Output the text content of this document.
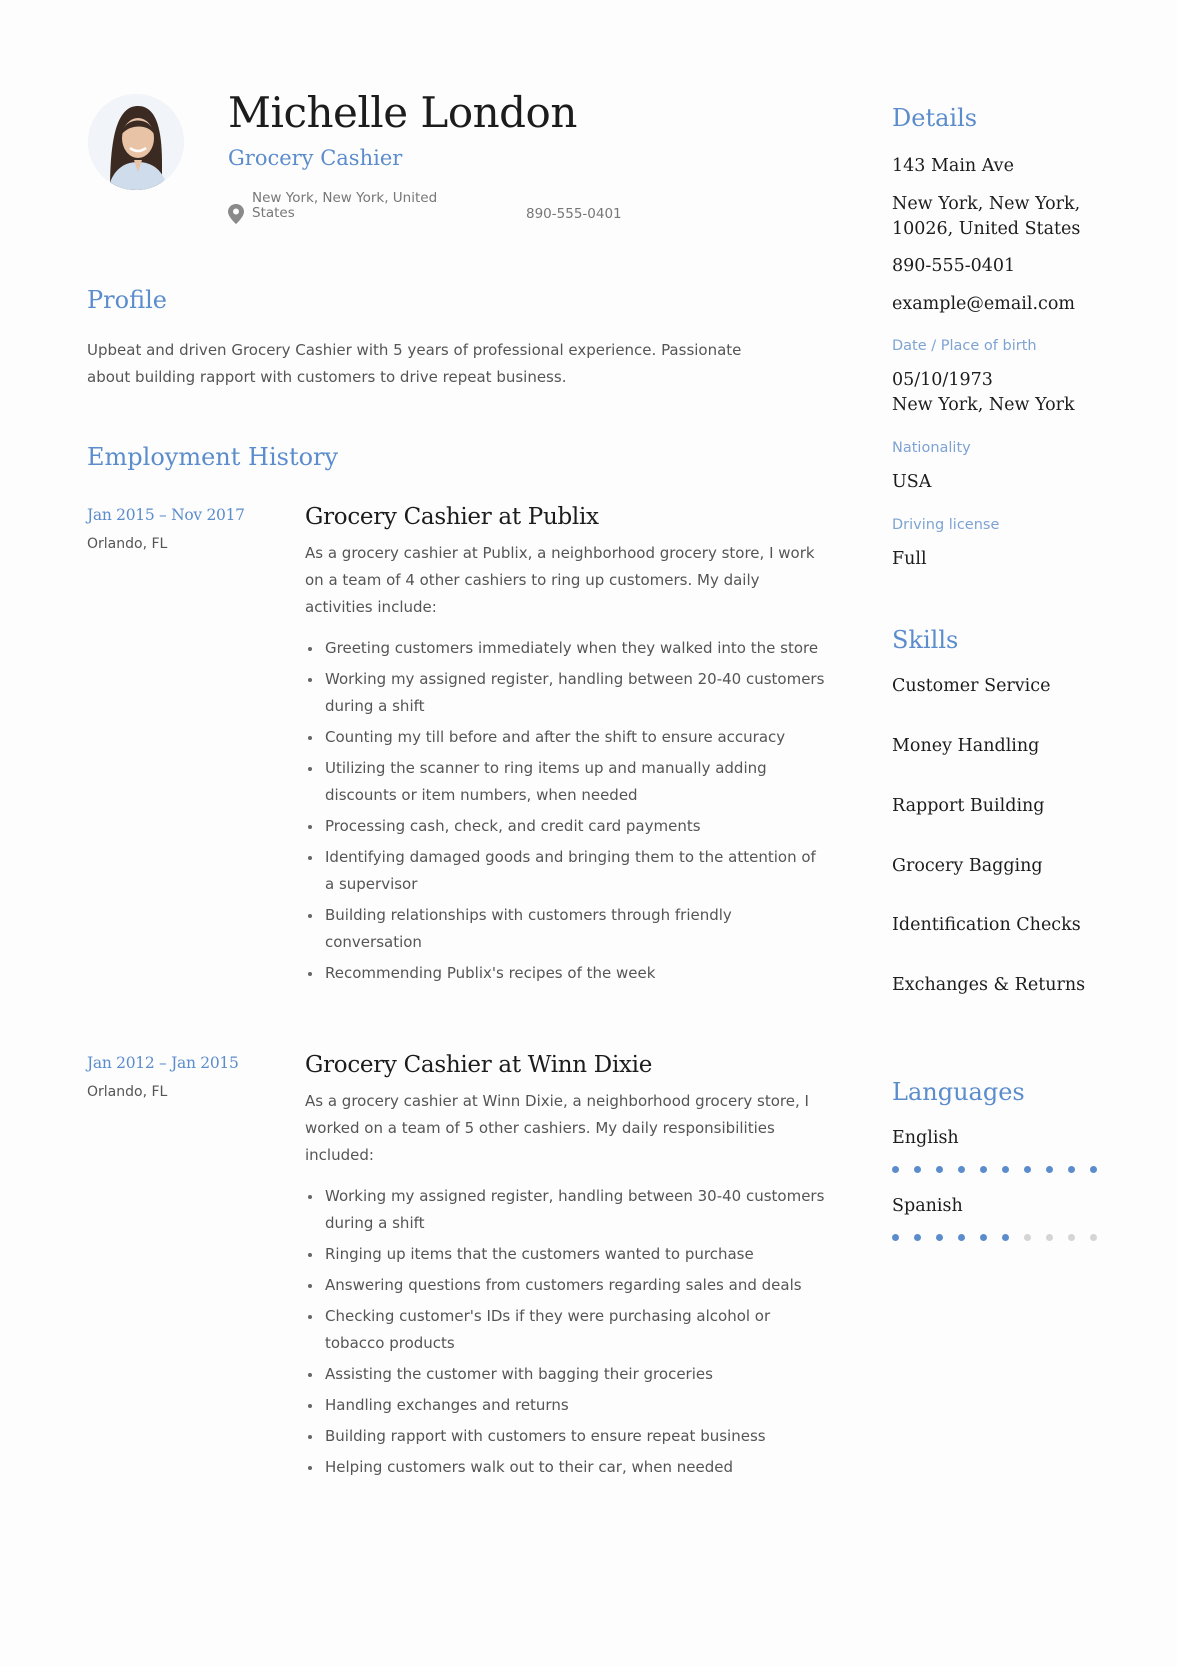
Michelle London
Grocery Cashier
New York, New York, United States	890-555-0401
Profile
Upbeat and driven Grocery Cashier with 5 years of professional experience. Passionate about building rapport with customers to drive repeat business.
Employment History
Jan 2015 – Nov 2017
Orlando, FL
Grocery Cashier at Publix

As a grocery cashier at Publix, a neighborhood grocery store, I work on a team of 4 other cashiers to ring up customers. My daily activities include:

Greeting customers immediately when they walked into the store
Working my assigned register, handling between 20-40 customers during a shift
Counting my till before and after the shift to ensure accuracy
Utilizing the scanner to ring items up and manually adding discounts or item numbers, when needed
Processing cash, check, and credit card payments
Identifying damaged goods and bringing them to the attention of a supervisor
Building relationships with customers through friendly conversation
Recommending Publix's recipes of the week
Jan 2012 – Jan 2015
Orlando, FL
Grocery Cashier at Winn Dixie

As a grocery cashier at Winn Dixie, a neighborhood grocery store, I worked on a team of 5 other cashiers. My daily responsibilities included:

Working my assigned register, handling between 30-40 customers during a shift
Ringing up items that the customers wanted to purchase
Answering questions from customers regarding sales and deals
Checking customer's IDs if they were purchasing alcohol or tobacco products
Assisting the customer with bagging their groceries
Handling exchanges and returns
Building rapport with customers to ensure repeat business
Helping customers walk out to their car, when needed
Details
143 Main Ave
New York, New York,
10026, United States
890-555-0401
example@email.com
Date / Place of birth
05/10/1973
New York, New York
Nationality
USA
Driving license
Full
Skills
Customer Service
Money Handling
Rapport Building
Grocery Bagging
Identification Checks
Exchanges & Returns
Languages
English
Spanish
